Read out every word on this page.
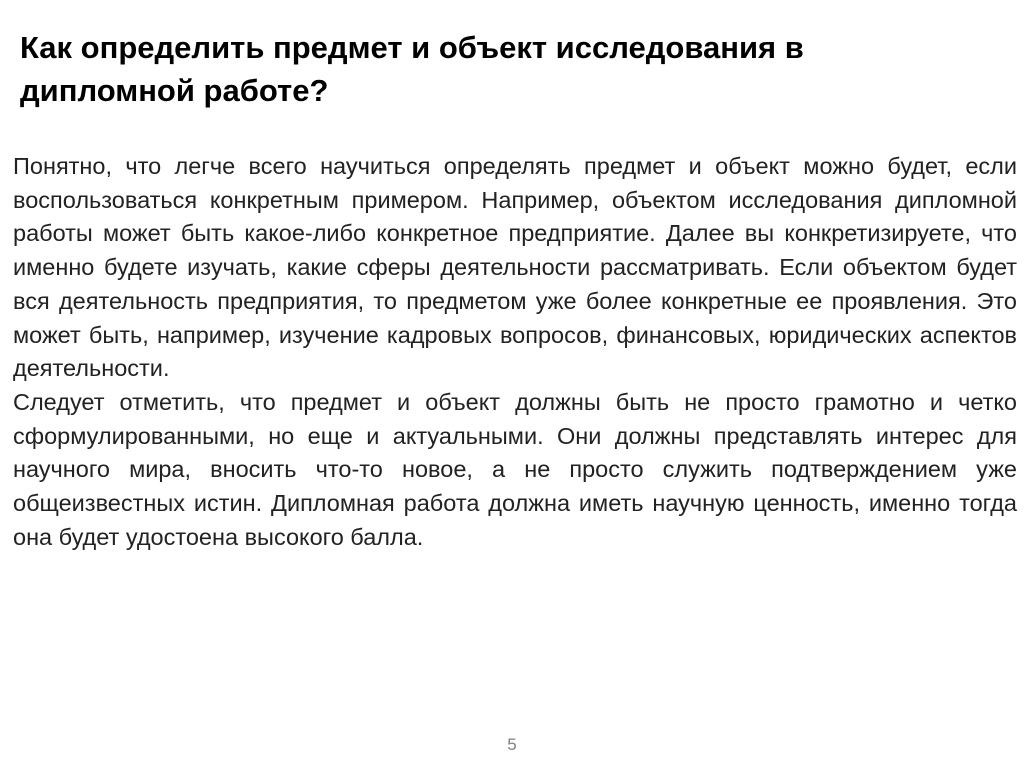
Как определить предмет и объект исследования в дипломной работе?

Понятно, что легче всего научиться определять предмет и объект можно будет, если воспользоваться конкретным примером. Например, объектом исследования дипломной работы может быть какое-либо конкретное предприятие. Далее вы конкретизируете, что именно будете изучать, какие сферы деятельности рассматривать. Если объектом будет вся деятельность предприятия, то предметом уже более конкретные ее проявления. Это может быть, например, изучение кадровых вопросов, финансовых, юридических аспектов деятельности.

Следует отметить, что предмет и объект должны быть не просто грамотно и четко сформулированными, но еще и актуальными. Они должны представлять интерес для научного мира, вносить что-то новое, а не просто служить подтверждением уже общеизвестных истин. Дипломная работа должна иметь научную ценность, именно тогда она будет удостоена высокого балла.

5
